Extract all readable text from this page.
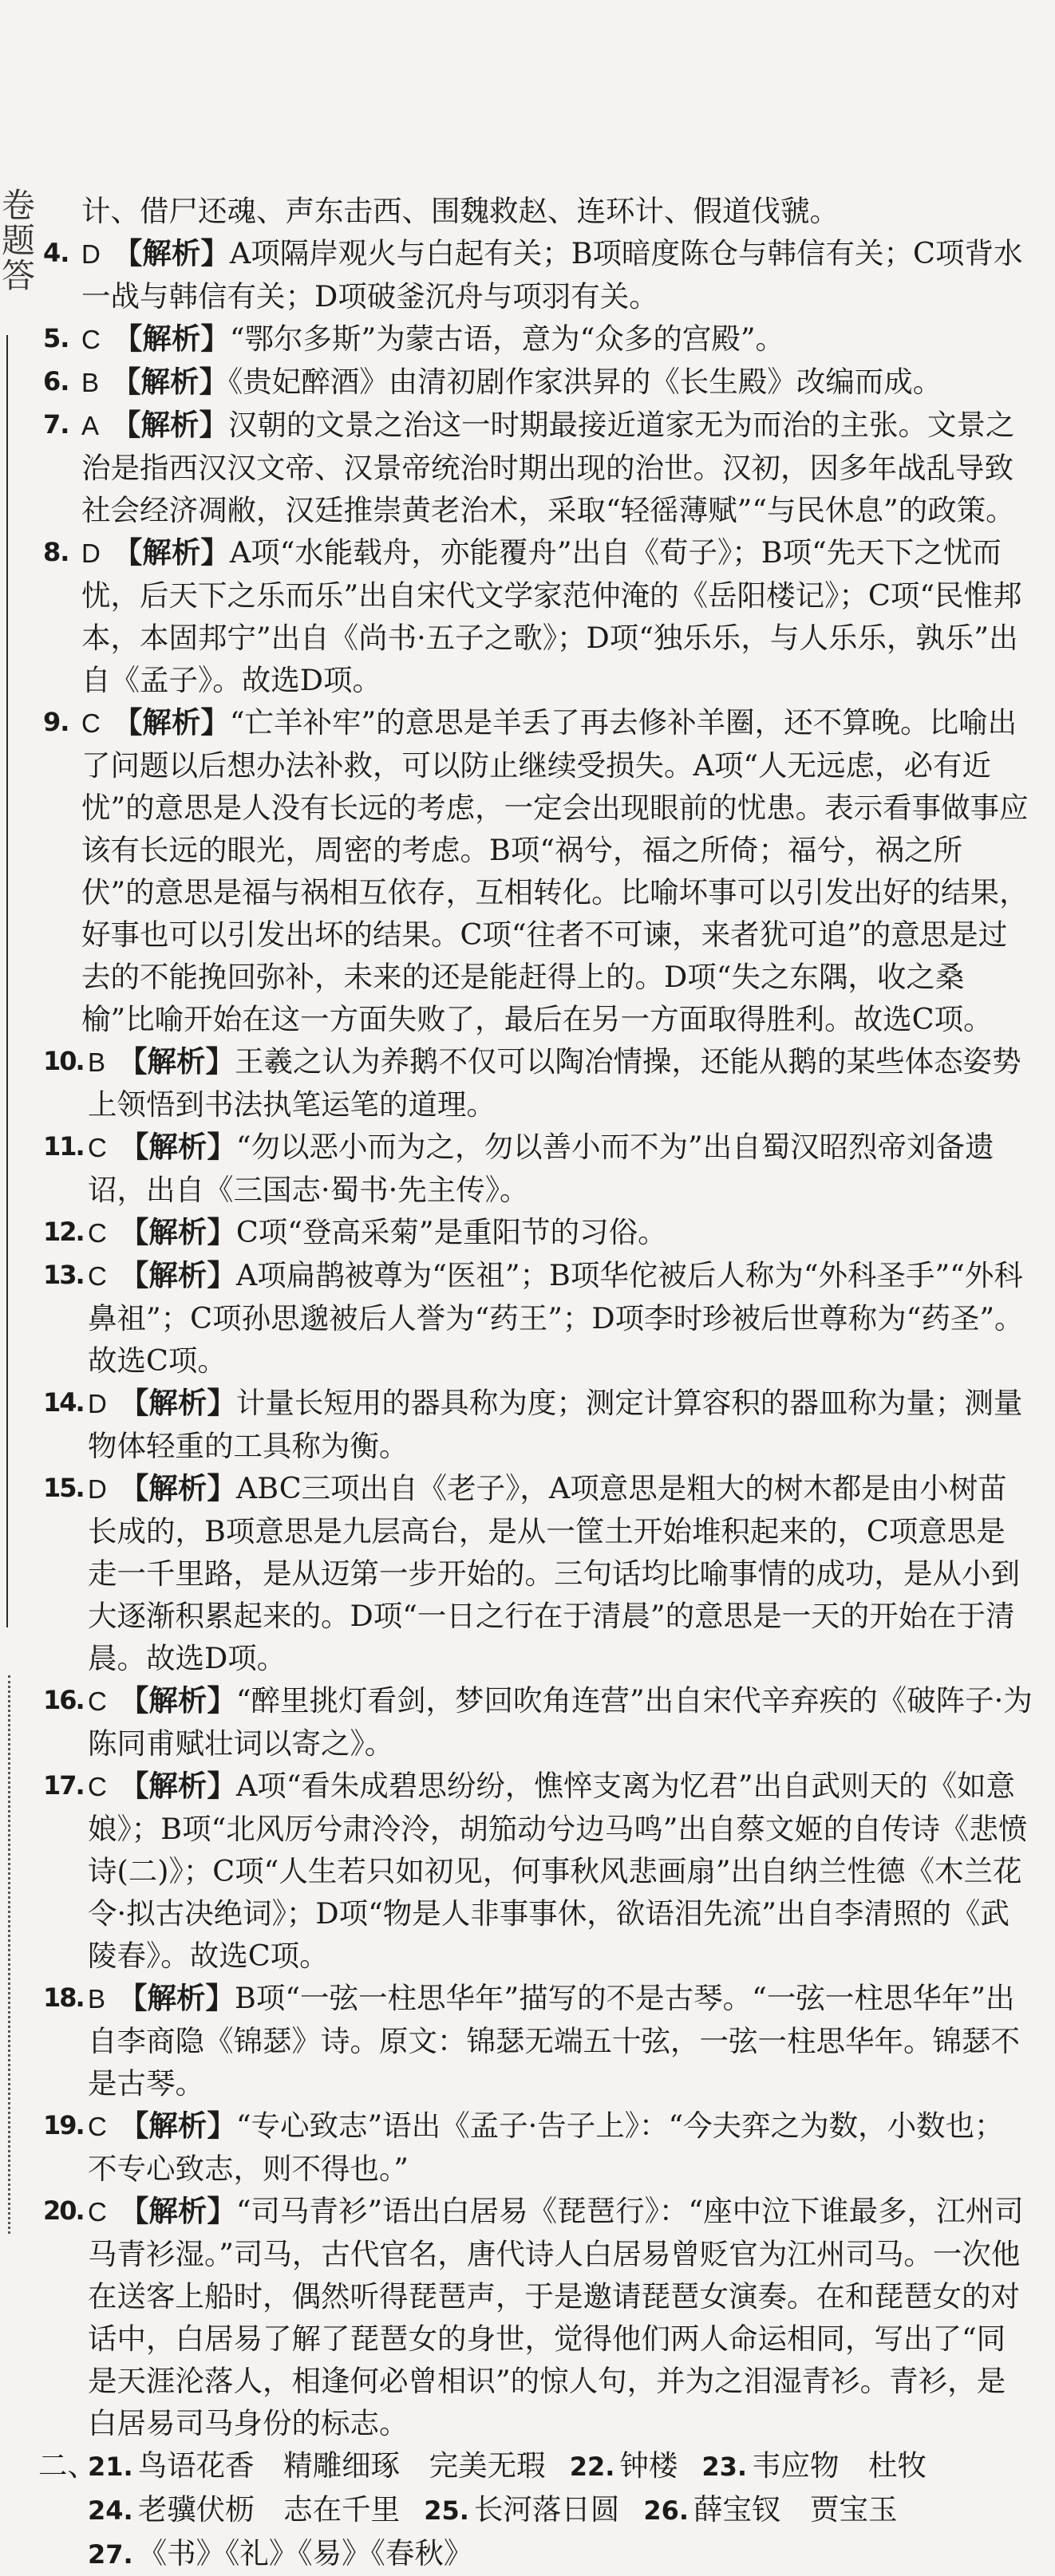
卷题答
计、借尸还魂、声东击西、围魏救赵、连环计、假道伐虢。
4. D 【解析】A项隔岸观火与白起有关；B项暗度陈仓与韩信有关；C项背水一战与韩信有关；D项破釜沉舟与项羽有关。
5. C 【解析】“鄂尔多斯”为蒙古语，意为“众多的宫殿”。
6. B 【解析】《贵妃醉酒》由清初剧作家洪昇的《长生殿》改编而成。
7. A 【解析】汉朝的文景之治这一时期最接近道家无为而治的主张。文景之治是指西汉汉文帝、汉景帝统治时期出现的治世。汉初，因多年战乱导致社会经济凋敝，汉廷推崇黄老治术，采取“轻徭薄赋”“与民休息”的政策。
8. D 【解析】A项“水能载舟，亦能覆舟”出自《荀子》；B项“先天下之忧而忧，后天下之乐而乐”出自宋代文学家范仲淹的《岳阳楼记》；C项“民惟邦本，本固邦宁”出自《尚书·五子之歌》；D项“独乐乐，与人乐乐，孰乐”出自《孟子》。故选D项。
9. C 【解析】“亡羊补牢”的意思是羊丢了再去修补羊圈，还不算晚。比喻出了问题以后想办法补救，可以防止继续受损失。A项“人无远虑，必有近忧”的意思是人没有长远的考虑，一定会出现眼前的忧患。表示看事做事应该有长远的眼光，周密的考虑。B项“祸兮，福之所倚；福兮，祸之所伏”的意思是福与祸相互依存，互相转化。比喻坏事可以引发出好的结果，好事也可以引发出坏的结果。C项“往者不可谏，来者犹可追”的意思是过去的不能挽回弥补，未来的还是能赶得上的。D项“失之东隅，收之桑榆”比喻开始在这一方面失败了，最后在另一方面取得胜利。故选C项。
10. B 【解析】王羲之认为养鹅不仅可以陶冶情操，还能从鹅的某些体态姿势上领悟到书法执笔运笔的道理。
11. C 【解析】“勿以恶小而为之，勿以善小而不为”出自蜀汉昭烈帝刘备遗诏，出自《三国志·蜀书·先主传》。
12. C 【解析】C项“登高采菊”是重阳节的习俗。
13. C 【解析】A项扁鹊被尊为“医祖”；B项华佗被后人称为“外科圣手”“外科鼻祖”；C项孙思邈被后人誉为“药王”；D项李时珍被后世尊称为“药圣”。故选C项。
14. D 【解析】计量长短用的器具称为度；测定计算容积的器皿称为量；测量物体轻重的工具称为衡。
15. D 【解析】ABC三项出自《老子》，A项意思是粗大的树木都是由小树苗长成的，B项意思是九层高台，是从一筐土开始堆积起来的，C项意思是走一千里路，是从迈第一步开始的。三句话均比喻事情的成功，是从小到大逐渐积累起来的。D项“一日之行在于清晨”的意思是一天的开始在于清晨。故选D项。
16. C 【解析】“醉里挑灯看剑，梦回吹角连营”出自宋代辛弃疾的《破阵子·为陈同甫赋壮词以寄之》。
17. C 【解析】A项“看朱成碧思纷纷，憔悴支离为忆君”出自武则天的《如意娘》；B项“北风厉兮肃泠泠，胡笳动兮边马鸣”出自蔡文姬的自传诗《悲愤诗(二)》；C项“人生若只如初见，何事秋风悲画扇”出自纳兰性德《木兰花令·拟古决绝词》；D项“物是人非事事休，欲语泪先流”出自李清照的《武陵春》。故选C项。
18. B 【解析】B项“一弦一柱思华年”描写的不是古琴。“一弦一柱思华年”出自李商隐《锦瑟》诗。原文：锦瑟无端五十弦，一弦一柱思华年。锦瑟不是古琴。
19. C 【解析】“专心致志”语出《孟子·告子上》：“今夫弈之为数，小数也；不专心致志，则不得也。”
20. C 【解析】“司马青衫”语出白居易《琵琶行》：“座中泣下谁最多，江州司马青衫湿。”司马，古代官名，唐代诗人白居易曾贬官为江州司马。一次他在送客上船时，偶然听得琵琶声，于是邀请琵琶女演奏。在和琵琶女的对话中，白居易了解了琵琶女的身世，觉得他们两人命运相同，写出了“同是天涯沦落人，相逢何必曾相识”的惊人句，并为之泪湿青衫。青衫，是白居易司马身份的标志。
二、
21. 鸟语花香　精雕细琢　完美无瑕 22. 钟楼 23. 韦应物　杜牧
24. 老骥伏枥　志在千里 25. 长河落日圆 26. 薛宝钗　贾宝玉
27. 《书》《礼》《易》《春秋》
